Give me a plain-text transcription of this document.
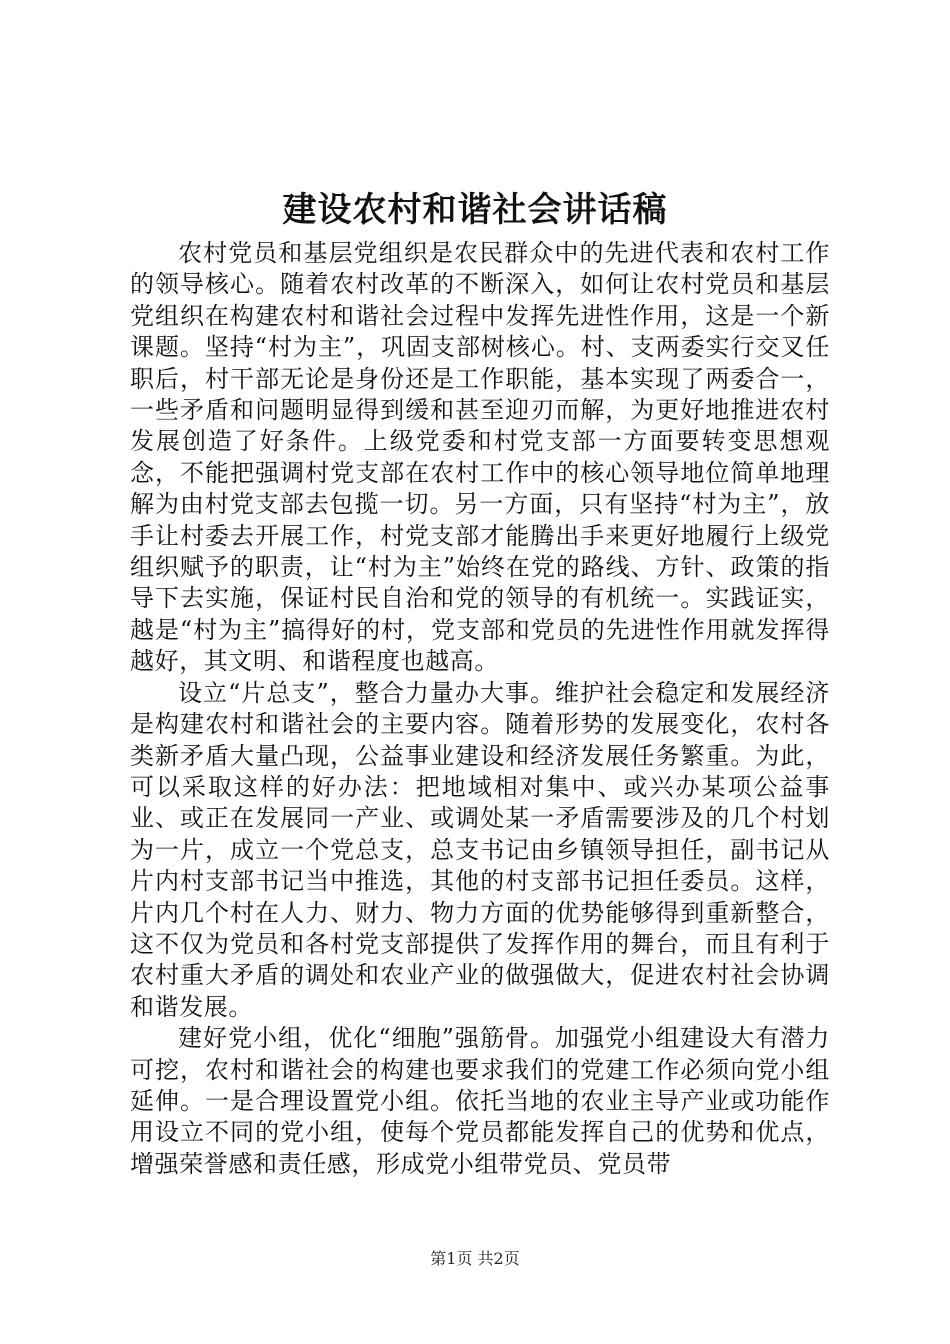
建设农村和谐社会讲话稿

农村党员和基层党组织是农民群众中的先进代表和农村工作的领导核心。随着农村改革的不断深入，如何让农村党员和基层党组织在构建农村和谐社会过程中发挥先进性作用，这是一个新课题。坚持“村为主”，巩固支部树核心。村、支两委实行交叉任职后，村干部无论是身份还是工作职能，基本实现了两委合一，一些矛盾和问题明显得到缓和甚至迎刃而解，为更好地推进农村发展创造了好条件。上级党委和村党支部一方面要转变思想观念，不能把强调村党支部在农村工作中的核心领导地位简单地理解为由村党支部去包揽一切。另一方面，只有坚持“村为主”，放手让村委去开展工作，村党支部才能腾出手来更好地履行上级党组织赋予的职责，让“村为主”始终在党的路线、方针、政策的指导下去实施，保证村民自治和党的领导的有机统一。实践证实，越是“村为主”搞得好的村，党支部和党员的先进性作用就发挥得越好，其文明、和谐程度也越高。

设立“片总支”，整合力量办大事。维护社会稳定和发展经济是构建农村和谐社会的主要内容。随着形势的发展变化，农村各类新矛盾大量凸现，公益事业建设和经济发展任务繁重。为此，可以采取这样的好办法：把地域相对集中、或兴办某项公益事业、或正在发展同一产业、或调处某一矛盾需要涉及的几个村划为一片，成立一个党总支，总支书记由乡镇领导担任，副书记从片内村支部书记当中推选，其他的村支部书记担任委员。这样，片内几个村在人力、财力、物力方面的优势能够得到重新整合，这不仅为党员和各村党支部提供了发挥作用的舞台，而且有利于农村重大矛盾的调处和农业产业的做强做大，促进农村社会协调和谐发展。

建好党小组，优化“细胞”强筋骨。加强党小组建设大有潜力可挖，农村和谐社会的构建也要求我们的党建工作必须向党小组延伸。一是合理设置党小组。依托当地的农业主导产业或功能作用设立不同的党小组，使每个党员都能发挥自己的优势和优点，增强荣誉感和责任感，形成党小组带党员、党员带

第1页 共2页
